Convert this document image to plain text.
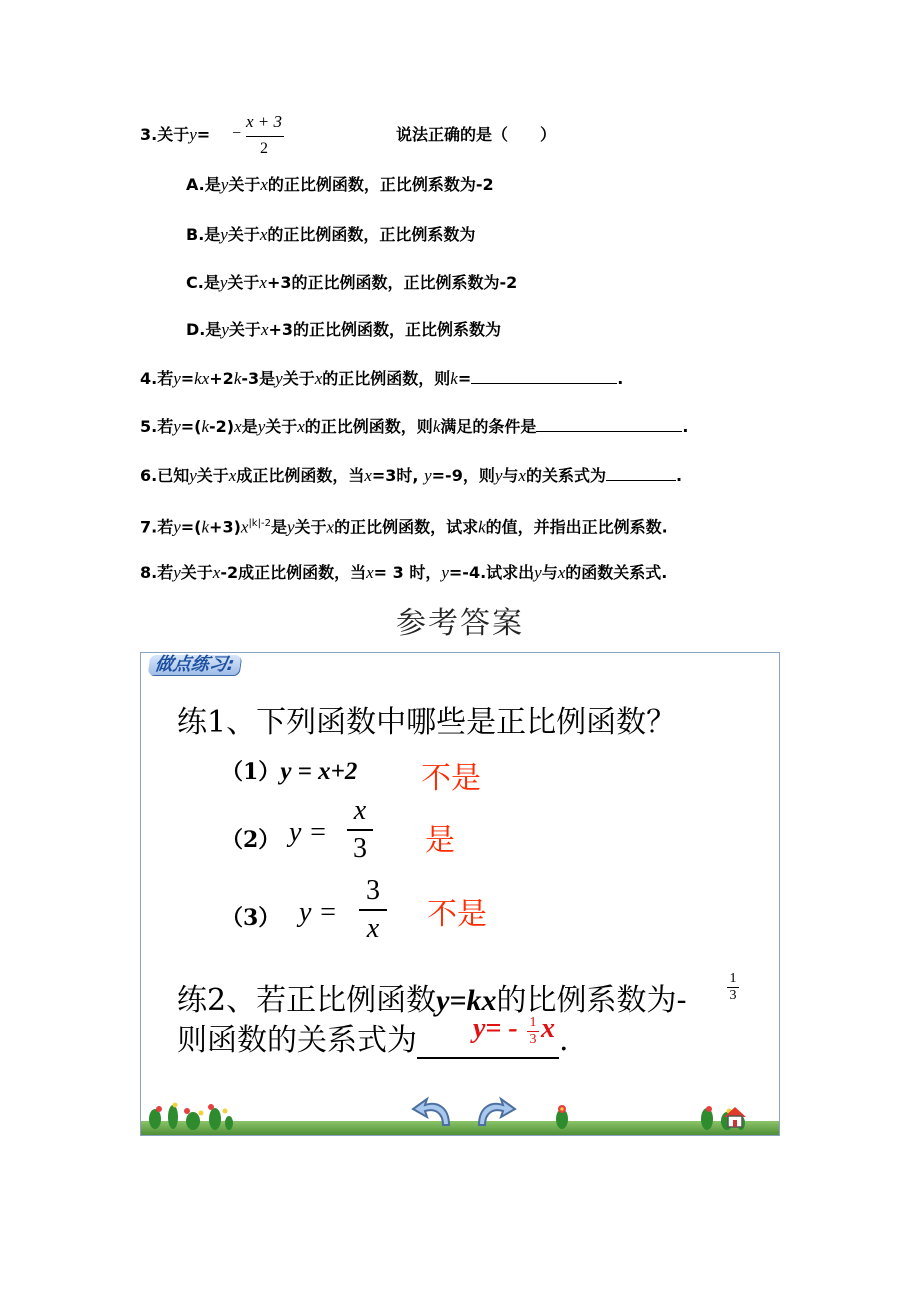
3.关于y= −
x + 3
2
说法正确的是（　　）
A.是y关于x的正比例函数，正比例系数为-2
B.是y关于x的正比例函数，正比例系数为
C.是y关于x+3的正比例函数，正比例系数为-2
D.是y关于x+3的正比例函数，正比例系数为
4.若y=kx+2k-3是y关于x的正比例函数，则k=	.
5.若y=(k-2)x是y关于x的正比例函数，则k满足的条件是	.
6.已知y关于x成正比例函数，当x=3时, y=-9，则y与x的关系式为	.
7.若$y=(k+3)x^{|k|-2}$是y关于x的正比例函数，试求k的值，并指出正比例系数.
8.若y关于x-2成正比例函数，当x= 3 时，y=-4.试求出y与x的函数关系式.
参考答案
做点练习:
练1、下列函数中哪些是正比例函数？
（1）y = x+2 不是
（2） y =
x
3 是
（3） y =
3
x 不是
练2、若正比例函数y=kx的比例系数为-
1
3
则函数的关系式为	.
y= - 1
3 x
